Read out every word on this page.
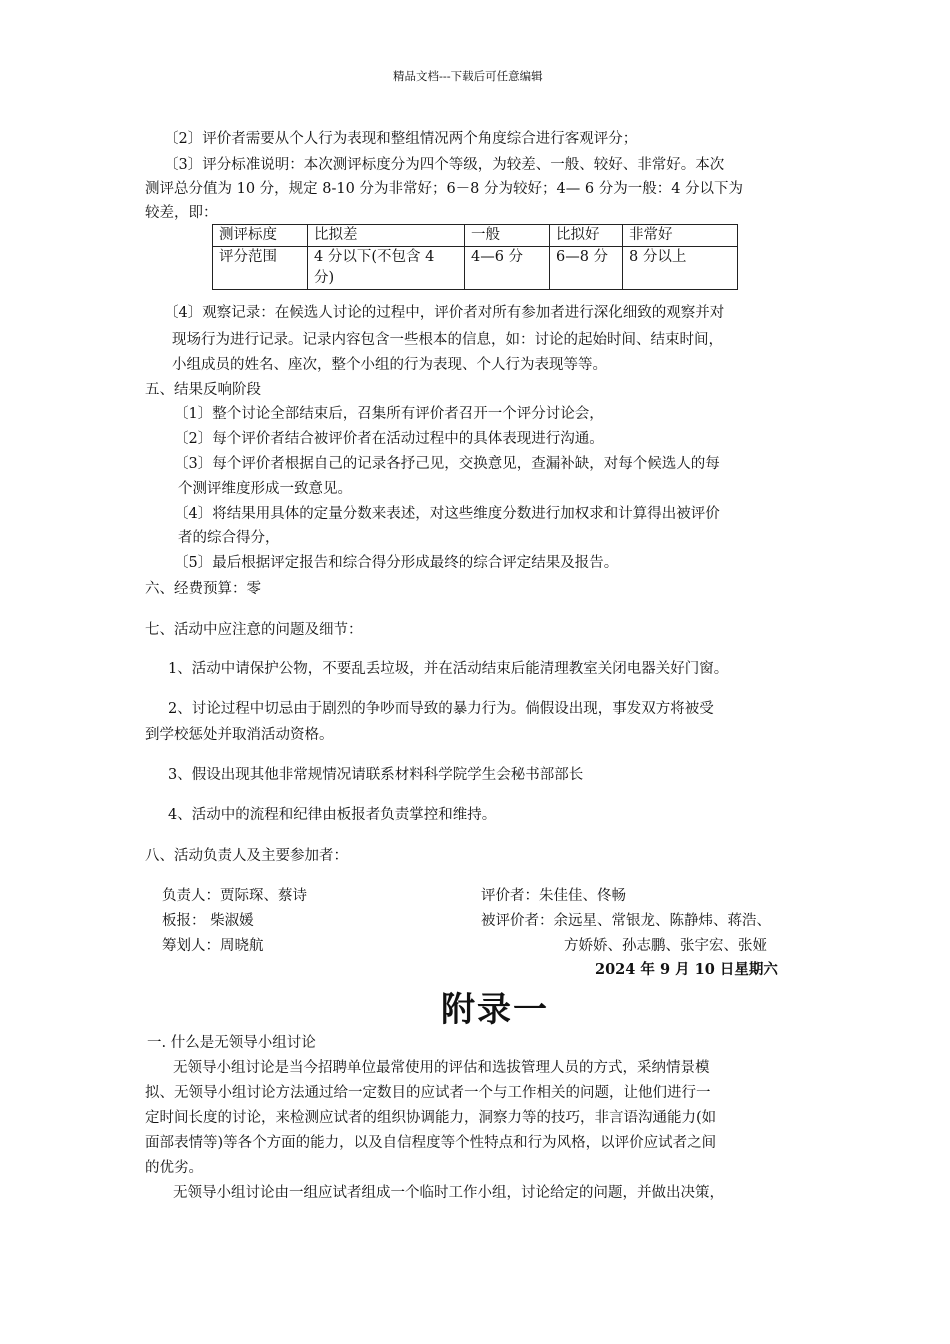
精品文档---下载后可任意编辑
〔2〕评价者需要从个人行为表现和整组情况两个角度综合进行客观评分；
〔3〕评分标准说明：本次测评标度分为四个等级，为较差、一般、较好、非常好。本次
测评总分值为 10 分，规定 8-10 分为非常好；6－8 分为较好；4— 6 分为一般：4 分以下为
较差，即：
测评标度	比拟差	一般	比拟好	非常好
评分范围	4 分以下(不包含 4 分)	4—6 分	6—8 分	8 分以上
〔4〕观察记录：在候选人讨论的过程中，评价者对所有参加者进行深化细致的观察并对
现场行为进行记录。记录内容包含一些根本的信息，如：讨论的起始时间、结束时间，
小组成员的姓名、座次，整个小组的行为表现、个人行为表现等等。
五、结果反响阶段
〔1〕整个讨论全部结束后，召集所有评价者召开一个评分讨论会，
〔2〕每个评价者结合被评价者在活动过程中的具体表现进行沟通。
〔3〕每个评价者根据自己的记录各抒己见，交换意见，查漏补缺，对每个候选人的每
个测评维度形成一致意见。
〔4〕将结果用具体的定量分数来表述，对这些维度分数进行加权求和计算得出被评价
者的综合得分，
〔5〕最后根据评定报告和综合得分形成最终的综合评定结果及报告。
六、经费预算：零
七、活动中应注意的问题及细节：
1、活动中请保护公物，不要乱丢垃圾，并在活动结束后能清理教室关闭电器关好门窗。
2、讨论过程中切忌由于剧烈的争吵而导致的暴力行为。倘假设出现，事发双方将被受
到学校惩处并取消活动资格。
3、假设出现其他非常规情况请联系材料科学院学生会秘书部部长
4、活动中的流程和纪律由板报者负责掌控和维持。
八、活动负责人及主要参加者：
负责人：贾际琛、蔡诗
板报： 柴淑媛
筹划人：周晓航
评价者：朱佳佳、佟畅
被评价者：余远星、常银龙、陈静炜、蒋浩、
方娇娇、孙志鹏、张宇宏、张娅
2024 年 9 月 10 日星期六
附录一
一. 什么是无领导小组讨论
无领导小组讨论是当今招聘单位最常使用的评估和选拔管理人员的方式，采纳情景模
拟、无领导小组讨论方法通过给一定数目的应试者一个与工作相关的问题，让他们进行一
定时间长度的讨论，来检测应试者的组织协调能力，洞察力等的技巧，非言语沟通能力(如
面部表情等)等各个方面的能力，以及自信程度等个性特点和行为风格，以评价应试者之间
的优劣。
无领导小组讨论由一组应试者组成一个临时工作小组，讨论给定的问题，并做出决策，
